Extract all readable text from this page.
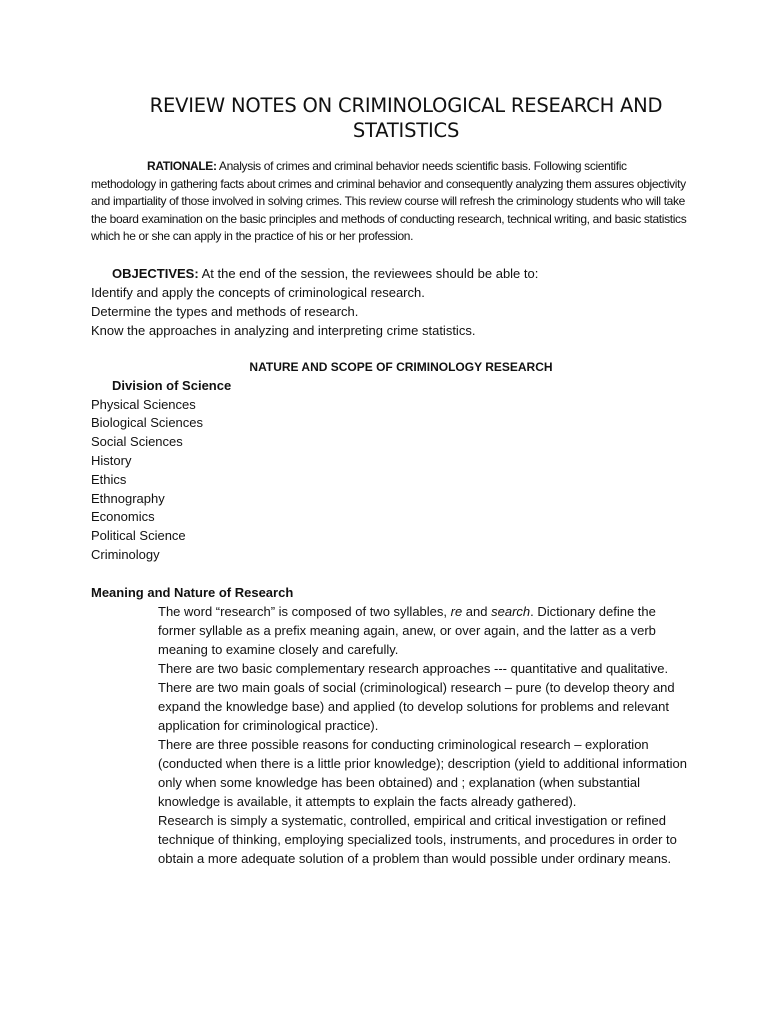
REVIEW NOTES ON CRIMINOLOGICAL RESEARCH AND
STATISTICS
RATIONALE: Analysis of crimes and criminal behavior needs scientific basis. Following scientific methodology in gathering facts about crimes and criminal behavior and consequently analyzing them assures objectivity and impartiality of those involved in solving crimes. This review course will refresh the criminology students who will take the board examination on the basic principles and methods of conducting research, technical writing, and basic statistics which he or she can apply in the practice of his or her profession.
OBJECTIVES: At the end of the session, the reviewees should be able to:
Identify and apply the concepts of criminological research.
Determine the types and methods of research.
Know the approaches in analyzing and interpreting crime statistics.
NATURE AND SCOPE OF CRIMINOLOGY RESEARCH
Division of Science
Physical Sciences
Biological Sciences
Social Sciences
History
Ethics
Ethnography
Economics
Political Science
Criminology
Meaning and Nature of Research
The word “research” is composed of two syllables, re and search. Dictionary define the former syllable as a prefix meaning again, anew, or over again, and the latter as a verb meaning to examine closely and carefully.
There are two basic complementary research approaches --- quantitative and qualitative.
There are two main goals of social (criminological) research – pure (to develop theory and expand the knowledge base) and applied (to develop solutions for problems and relevant application for criminological practice).
There are three possible reasons for conducting criminological research – exploration (conducted when there is a little prior knowledge); description (yield to additional information only when some knowledge has been obtained) and ; explanation (when substantial knowledge is available, it attempts to explain the facts already gathered).
Research is simply a systematic, controlled, empirical and critical investigation or refined technique of thinking, employing specialized tools, instruments, and procedures in order to obtain a more adequate solution of a problem than would possible under ordinary means.
